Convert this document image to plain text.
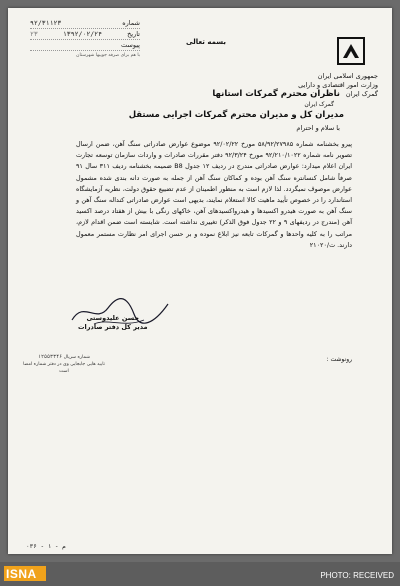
جمهوری اسلامی ایران
وزارت امور اقتصادی و دارایی
گمرک ایران
بسمه تعالی
شماره
۹۲/۳۱۱۲۳
تاریخ
۱۳۹۲/۰۲/۲۴
۲۳
پیوست
با هم برای صرفه جوییها شهرستان
ناظران محترم گمرکات استانها
گمرک ایران
مدیران کل و مدیران محترم گمرکات اجرایی مستقل
با سلام و احترام
پیرو بخشنامه شماره ۵۸/۹۲/۲۷۹۸۵ مورخ ۹۲/۰۲/۲۲ موضوع عوارض صادراتی سنگ آهن، ضمن ارسال تصویر نامه شماره ۹۲/۲۱۰/۱۰۲۲ مورخ ۹۲/۳/۲۴ دفتر مقررات صادرات و واردات سازمان توسعه تجارت ایران اعلام میدارد: عوارض صادراتی مندرج در ردیف ۱۲ جدول B8 ضمیمه بخشنامه ردیف ۳۱۱ سال ۹۱ صرفاً شامل کنسانتره سنگ آهن بوده و کماکان سنگ آهن از جمله به صورت دانه بندی شده مشمول عوارض موصوف نمیگردد. لذا لازم است به منظور اطمینان از عدم تضییع حقوق دولت، نظریه آزمایشگاه استاندارد را در خصوص تأیید ماهیت کالا استعلام نمایند، بدیهی است عوارض صادراتی کنداله سنگ آهن و سنگ آهن به صورت هیدرو اکسیدها و هیدرواکسیدهای آهن، خاکهای رنگی با بیش از هفتاد درصد اکسید آهن (مندرج در ردیفهای ۹ و ۲۲ جدول فوق الذکر) تغییری نداشته است. شایسته است ضمن اقدام لازم، مراتب را به کلیه واحدها و گمرکات تابعه نیز ابلاغ نموده و بر حسن اجرای امر نظارت مستمر معمول دارند. ت/۲۱۰۲۰
حسن علیدوستی
مدیر کل دفتر صادرات
شماره سریال ۱۲۵۵۳۳۴۶
تایید هایی جابجایی وی در دفتر شماره امضا است
رونوشت :
م - ۱ - ۰۳۶
ISNA	PHOTO: RECEIVED
